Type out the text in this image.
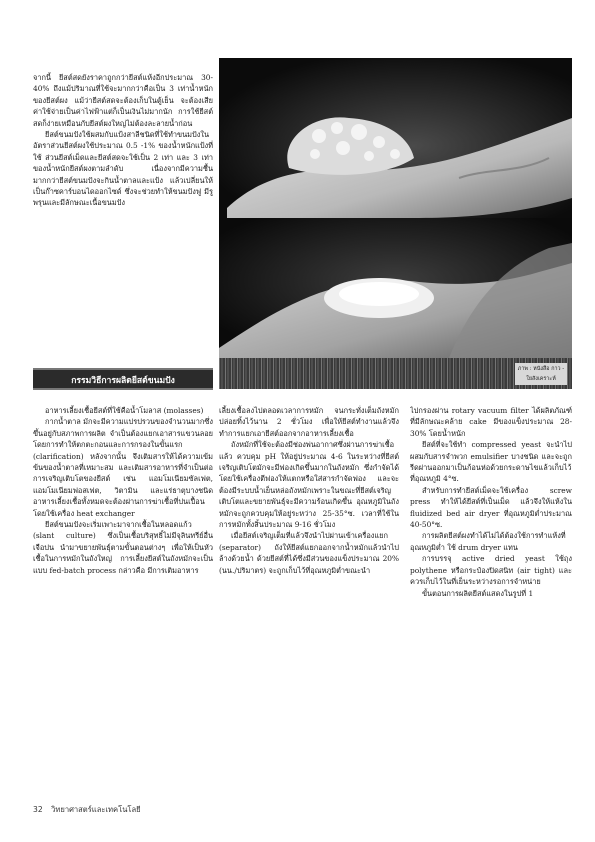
จากนี้ ยีสต์สดยังราคาถูกกว่ายีสต์แห้งอีกประมาณ 30-40% ถึงแม้ปริมาณที่ใช้จะมากกว่าคือเป็น 3 เท่าน้ำหนักของยีสต์ผง แม้ว่ายีสต์สดจะต้องเก็บในตู้เย็น จะต้องเสียค่าใช้จ่ายเป็นค่าไฟฟ้าแต่ก็เป็นเงินไม่มากนัก การใช้ยีสต์สดก็ง่ายเหมือนกับยีสต์ผงใหญ่ไม่ต้องละลายน้ำก่อน

ยีสต์ขนมปังใช้ผสมกับแป้งสาลีชนิดที่ใช้ทำขนมปังในอัตราส่วนยีสต์ผงใช้ประมาณ 0.5 -1% ของน้ำหนักแป้งที่ใช้ ส่วนยีสต์เม็ดและยีสต์สดจะใช้เป็น 2 เท่า และ 3 เท่าของน้ำหนักยีสต์ผงตามลำดับ เนื่องจากมีความชื้นมากกว่ายีสต์ขนมปังจะกินน้ำตาลและแป้ง แล้วเปลี่ยนให้เป็นก๊าซคาร์บอนไดออกไซด์ ซึ่งจะช่วยทำให้ขนมปังฟู มีรูพรุนและมีลักษณะเนื้อขนมปัง

กรรมวิธีการผลิตยีสต์ขนมปัง
ภาพ : หนังสือ กาว - ใยสังเคราะห์

อาหารเลี้ยงเชื้อยีสต์ที่ใช้คือน้ำโมลาส (molasses)

กากน้ำตาล มักจะมีความแปรปรวนของจำนวนมากซึ่งขึ้นอยู่กับสภาพการผลิต จำเป็นต้องแยกเอาสารแขวนลอย โดยการทำให้ตกตะกอนและการกรองในขั้นแรก (clarification) หลังจากนั้น จึงเติมสารให้ได้ความเข้มข้นของน้ำตาลที่เหมาะสม และเติมสารอาหารที่จำเป็นต่อการเจริญเติบโตของยีสต์ เช่น แอมโมเนียมซัลเฟต, แอมโมเนียมฟอสเฟต, วิตามิน และแร่ธาตุบางชนิด อาหารเลี้ยงเชื้อทั้งหมดจะต้องผ่านการฆ่าเชื้อที่ปนเปื้อนโดยใช้เครื่อง heat exchanger

ยีสต์ขนมปังจะเริ่มเพาะมาจากเชื้อในหลอดแก้ว (slant culture) ซึ่งเป็นเชื้อบริสุทธิ์ไม่มีจุลินทรีย์อื่นเจือปน นำมาขยายพันธุ์ตามขั้นตอนต่างๆ เพื่อให้เป็นหัวเชื้อในการหมักในถังใหญ่ การเลี้ยงยีสต์ในถังหมักจะเป็นแบบ fed-batch process กล่าวคือ มีการเติมอาหาร

เลี้ยงเชื้อลงไปตลอดเวลาการหมัก จนกระทั่งเต็มถังหมัก ปล่อยทิ้งไว้นาน 2 ชั่วโมง เพื่อให้ยีสต์ทำงานแล้วจึงทำการแยกเอายีสต์ออกจากอาหารเลี้ยงเชื้อ

ถังหมักที่ใช้จะต้องมีช่องพ่นอากาศซึ่งผ่านการฆ่าเชื้อแล้ว ควบคุม pH ให้อยู่ประมาณ 4-6 ในระหว่างที่ยีสต์เจริญเติบโตมักจะมีฟองเกิดขึ้นมากในถังหมัก ซึ่งกำจัดได้โดยใช้เครื่องตีฟองให้แตกหรือใส่สารกำจัดฟอง และจะต้องมีระบบน้ำเย็นหล่อถังหมักเพราะในขณะที่ยีสต์เจริญเติบโตและขยายพันธุ์จะมีความร้อนเกิดขึ้น อุณหภูมิในถังหมักจะถูกควบคุมให้อยู่ระหว่าง 25-35°ซ. เวลาที่ใช้ในการหมักทั้งสิ้นประมาณ 9-16 ชั่วโมง

เมื่อยีสต์เจริญเต็มที่แล้วจึงนำไปผ่านเข้าเครื่องแยก (separator) ถังให้ยีสต์แยกออกจากน้ำหมักแล้วนำไปล้างด้วยน้ำ ด้วยยีสต์ที่ได้ซึ่งมีส่วนของแข็งประมาณ 20% (นน./ปริมาตร) จะถูกเก็บไว้ที่อุณหภูมิต่ำขณะนำ

ไปกรองผ่าน rotary vacuum filter ได้ผลิตภัณฑ์ที่มีลักษณะคล้าย cake มีของแข็งประมาณ 28-30% โดยน้ำหนัก

ยีสต์ที่จะใช้ทำ compressed yeast จะนำไปผสมกับสารจำพวก emulsifier บางชนิด และจะถูกรีดผ่านออกมาเป็นก้อนห่อด้วยกระดาษไขแล้วเก็บไว้ที่อุณหภูมิ 4°ซ.

สำหรับการทำยีสต์เม็ดจะใช้เครื่อง screw press ทำให้ได้ยีสต์ที่เป็นเม็ด แล้วจึงให้แห้งใน fluidized bed air dryer ที่อุณหภูมิต่ำประมาณ 40-50°ซ.

การผลิตยีสต์ผงทำได้ไม่ได้ต้องใช้การทำแห้งที่อุณหภูมิต่ำ ใช้ drum dryer แทน

การบรรจุ active dried yeast ใช้ถุง polythene หรือกระป๋องปิดสนิท (air tight) และควรเก็บไว้ในที่เย็นระหว่างรอการจำหน่าย

ขั้นตอนการผลิตยีสต์แสดงในรูปที่ 1

32 วิทยาศาสตร์และเทคโนโลยี
